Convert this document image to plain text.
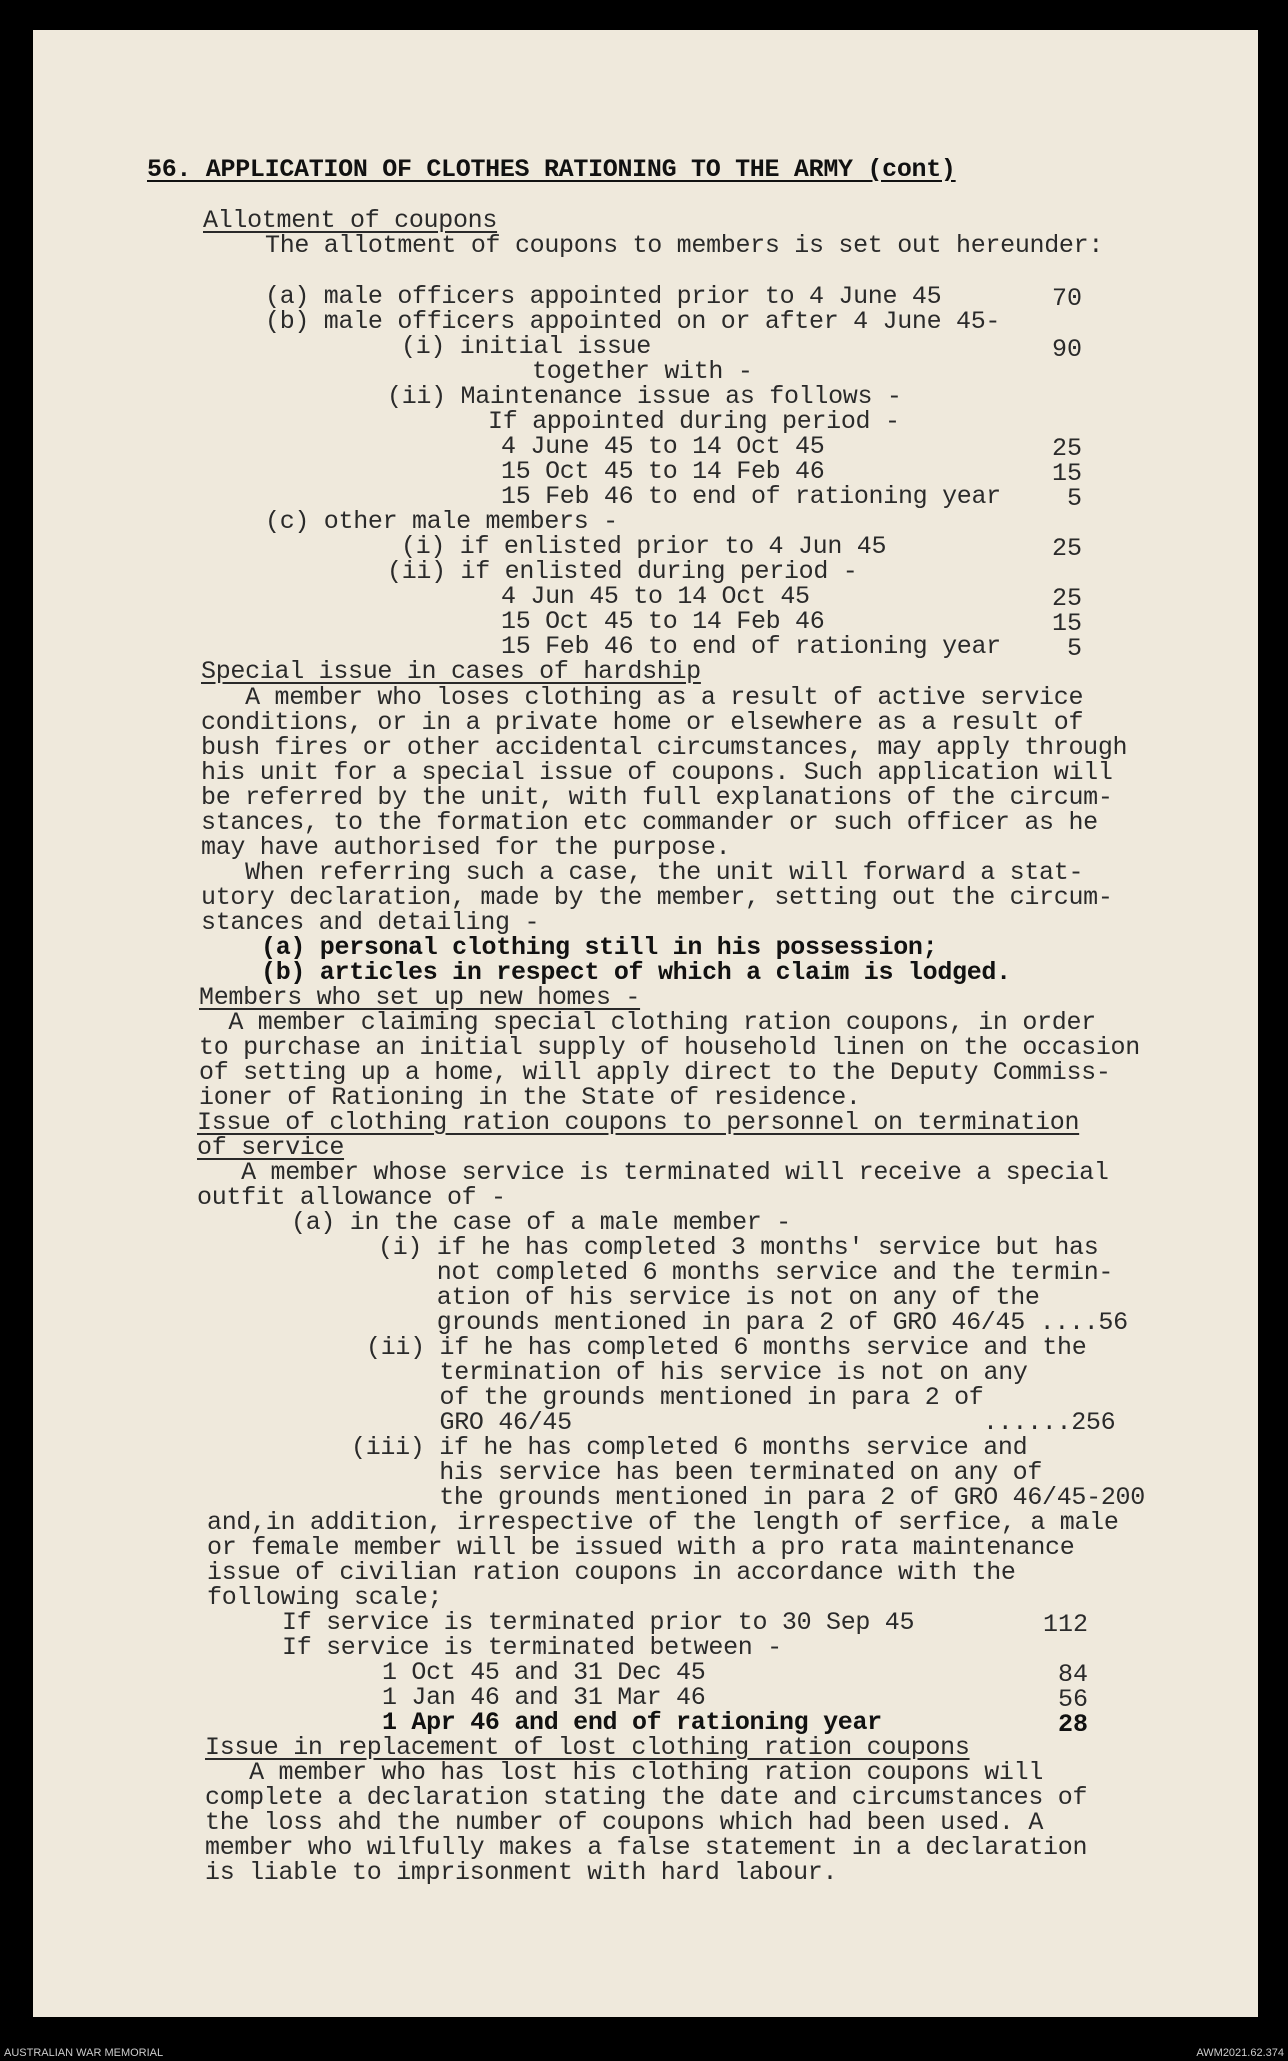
56. APPLICATION OF CLOTHES RATIONING TO THE ARMY (cont)
Allotment of coupons
The allotment of coupons to members is set out hereunder:
(a) male officers appointed prior to 4 June 45	70
(b) male officers appointed on or after 4 June 45-
(i) initial issue	90
together with -
(ii) Maintenance issue as follows -
If appointed during period -
4 June 45 to 14 Oct 45	25
15 Oct 45 to 14 Feb 46	15
15 Feb 46 to end of rationing year	5
(c) other male members -
(i) if enlisted prior to 4 Jun 45	25
(ii) if enlisted during period -
4 Jun 45 to 14 Oct 45	25
15 Oct 45 to 14 Feb 46	15
15 Feb 46 to end of rationing year	5
Special issue in cases of hardship
A member who loses clothing as a result of active service
conditions, or in a private home or elsewhere as a result of
bush fires or other accidental circumstances, may apply through
his unit for a special issue of coupons. Such application will
be referred by the unit, with full explanations of the circum-
stances, to the formation etc commander or such officer as he
may have authorised for the purpose.
When referring such a case, the unit will forward a stat-
utory declaration, made by the member, setting out the circum-
stances and detailing -
(a) personal clothing still in his possession;
(b) articles in respect of which a claim is lodged.
Members who set up new homes -
A member claiming special clothing ration coupons, in order
to purchase an initial supply of household linen on the occasion
of setting up a home, will apply direct to the Deputy Commiss-
ioner of Rationing in the State of residence.
Issue of clothing ration coupons to personnel on termination
of service
A member whose service is terminated will receive a special
outfit allowance of -
(a) in the case of a male member -
(i) if he has completed 3 months' service but has
not completed 6 months service and the termin-
ation of his service is not on any of the
grounds mentioned in para 2 of GRO 46/45 ....56
(ii) if he has completed 6 months service and the
termination of his service is not on any
of the grounds mentioned in para 2 of
GRO 46/45	......256
(iii) if he has completed 6 months service and
his service has been terminated on any of
the grounds mentioned in para 2 of GRO 46/45-200
and,in addition, irrespective of the length of serfice, a male
or female member will be issued with a pro rata maintenance
issue of civilian ration coupons in accordance with the
following scale;
If service is terminated prior to 30 Sep 45	112
If service is terminated between -
1 Oct 45 and 31 Dec 45	84
1 Jan 46 and 31 Mar 46	56
1 Apr 46 and end of rationing year	28
Issue in replacement of lost clothing ration coupons
A member who has lost his clothing ration coupons will
complete a declaration stating the date and circumstances of
the loss ahd the number of coupons which had been used. A
member who wilfully makes a false statement in a declaration
is liable to imprisonment with hard labour.
AUSTRALIAN WAR MEMORIAL	AWM2021.62.374
